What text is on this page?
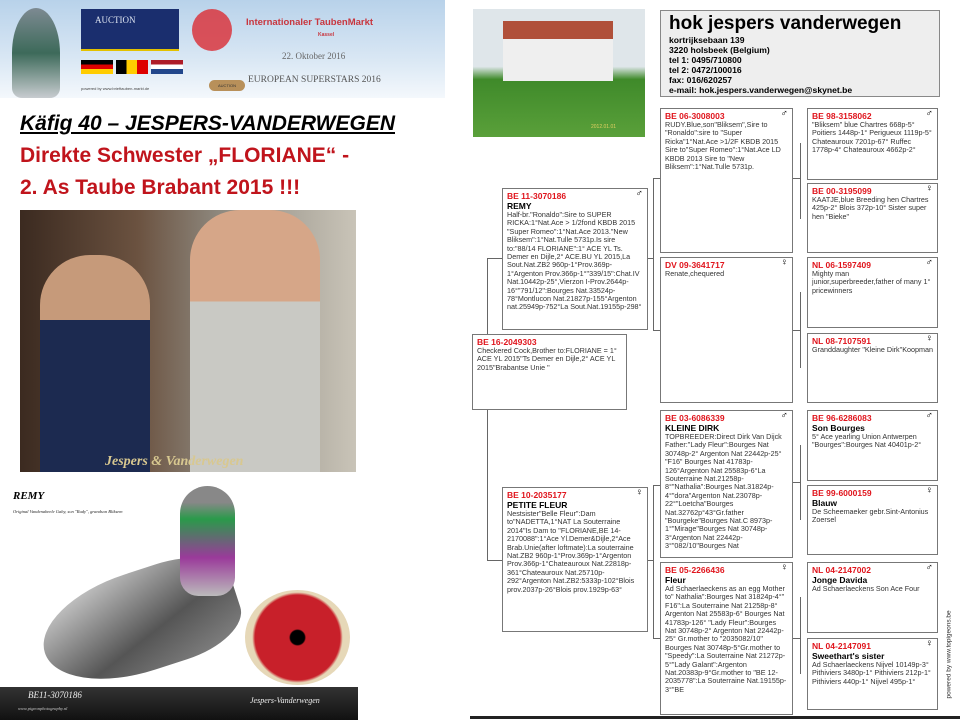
AUCTION
powered by www.brieftauben-markt.de
Internationaler TaubenMarkt
Kassel
22. Oktober 2016
AUCTION
EUROPEAN SUPERSTARS 2016
Käfig 40 – JESPERS-VANDERWEGEN
Direkte Schwester „FLORIANE“ -
2. As Taube Brabant 2015 !!!
Jespers & Vanderwegen
REMY
Original Vandenabeele Gaby, son "Rudy", grandson Bliksem
BE11-3070186
www.pigeonphotography.nl
Jespers-Vanderwegen
2012.01.01
hok jespers vanderwegen
kortrijksebaan 139
3220 holsbeek (Belgium)
tel 1: 0495/710800
tel 2: 0472/100016
fax: 016/620257
e-mail: hok.jespers.vanderwegen@skynet.be
BE 16-2049303
Checkered Cock,Brother to:FLORIANE = 1° ACE YL 2015"Ts Demer en Dijle,2° ACE YL 2015"Brabantse Unie "
♂
BE 11-3070186
REMY
Half-br."Ronaldo":Sire to SUPER RICKA:1°Nat.Ace > 1/2fond KBDB 2015 "Super Romeo":1°Nat.Ace 2013."New Bliksem":1°Nat.Tulle 5731p.Is sire to:"88/14 FLORIANE":1° ACE YL Ts. Demer en Dijle,2° ACE.BU YL 2015,La Sout.Nat.ZB2 960p-1°Prov.369p-1°Argenton Prov.366p-1°"339/15":Chat.IV Nat.10442p-25°,Vierzon I-Prov.2644p-16°"791/12":Bourges Nat.33524p-78°Montlucon Nat.21827p-155°Argenton nat.25949p-752°La Sout.Nat.19155p-298°
♀
BE 10-2035177
PETITE FLEUR
Nestsister"Belle Fleur":Dam to"NADETTA,1°NAT La Souterraine 2014"Is Dam to "FLORIANE,BE 14-2170088":1°Ace Yl.Demer&Dijle,2°Ace Brab.Unie(after loftmate):La souterraine Nat.ZB2 960p-1°Prov.369p-1°Argenton Prov.366p-1°Chateauroux Nat.22818p-361°Chateauroux Nat.25710p-292°Argenton Nat.ZB2:5333p-102°Blois prov.2037p-26°Blois prov.1929p-63°
♂
BE 06-3008003
RUDY.Blue,son"Bliksem",Sire to "Ronaldo":sire to "Super Ricka"1°Nat.Ace >1/2F KBDB 2015 Sire to"Super Romeo":1°Nat.Ace LD KBDB 2013 Sire to "New Bliksem":1°Nat.Tulle 5731p.
♀
DV 09-3641717
Renate,chequered
♂
BE 03-6086339
KLEINE DIRK
TOPBREEDER:Direct Dirk Van Dijck Father:"Lady Fleur":Bourges Nat 30748p-2° Argenton Nat 22442p-25° "F16" Bourges Nat 41783p-126°Argenton Nat 25583p-6°La Souterraine Nat.21258p-8°"Nathalia":Bourges Nat.31824p-4°"dora"Argenton Nat.23078p-22°"Loetcha"Bourges Nat.32762p°43°Gr.father "Bourgeke"Bourges Nat.C 8973p-1°"Mirage"Bourges Nat 30748p-3°Argenton Nat 22442p-3°"082/10"Bourges Nat
♀
BE 05-2266436
Fleur
Ad Schaerlaeckens as an egg Mother to" Nathalia":Bourges Nat 31824p-4°" F16":La Souterraine Nat 21258p-8° Argenton Nat 25583p-6° Bourges Nat 41783p-126° "Lady Fleur":Bourges Nat 30748p-2° Argenton Nat 22442p-25° Gr.mother to "2035082/10" Bourges Nat 30748p-5°Gr.mother to "Speedy":La Souterraine Nat 21272p-5°"Lady Galant":Argenton Nat.20383p-9°Gr.mother to "BE 12-2035778":La Souterraine Nat.19155p-3°"BE
♂
BE 98-3158062
"Bliksem" blue Chartres 668p-5° Poitiers 1448p-1° Perigueux 1119p-5° Chateauroux 7201p-67° Ruffec 1778p-4° Chateauroux 4662p-2°
♀
BE 00-3195099
KAATJE,blue Breeding hen Chartres 425p-2° Blois 372p-10° Sister super hen "Bieke"
♂
NL 06-1597409
Mighty man junior,superbreeder,father of many 1° pricewinners
♀
NL 08-7107591
Granddaughter "Kleine Dirk"Koopman
♂
BE 96-6286083
Son Bourges
5° Ace yearling Union Antwerpen "Bourges":Bourges Nat 40401p-2°
♀
BE 99-6000159
Blauw
De Scheemaeker gebr.Sint-Antonius Zoersel
♂
NL 04-2147002
Jonge Davida
Ad Schaerlaeckens Son Ace Four
♀
NL 04-2147091
Sweethart's sister
Ad Schaerlaeckens Nijvel 10149p-3° Pithiviers 3480p-1° Pithiviers 212p-1° Pithiviers 440p-1° Nijvel 495p-1°	powered by www.topigeons.be
